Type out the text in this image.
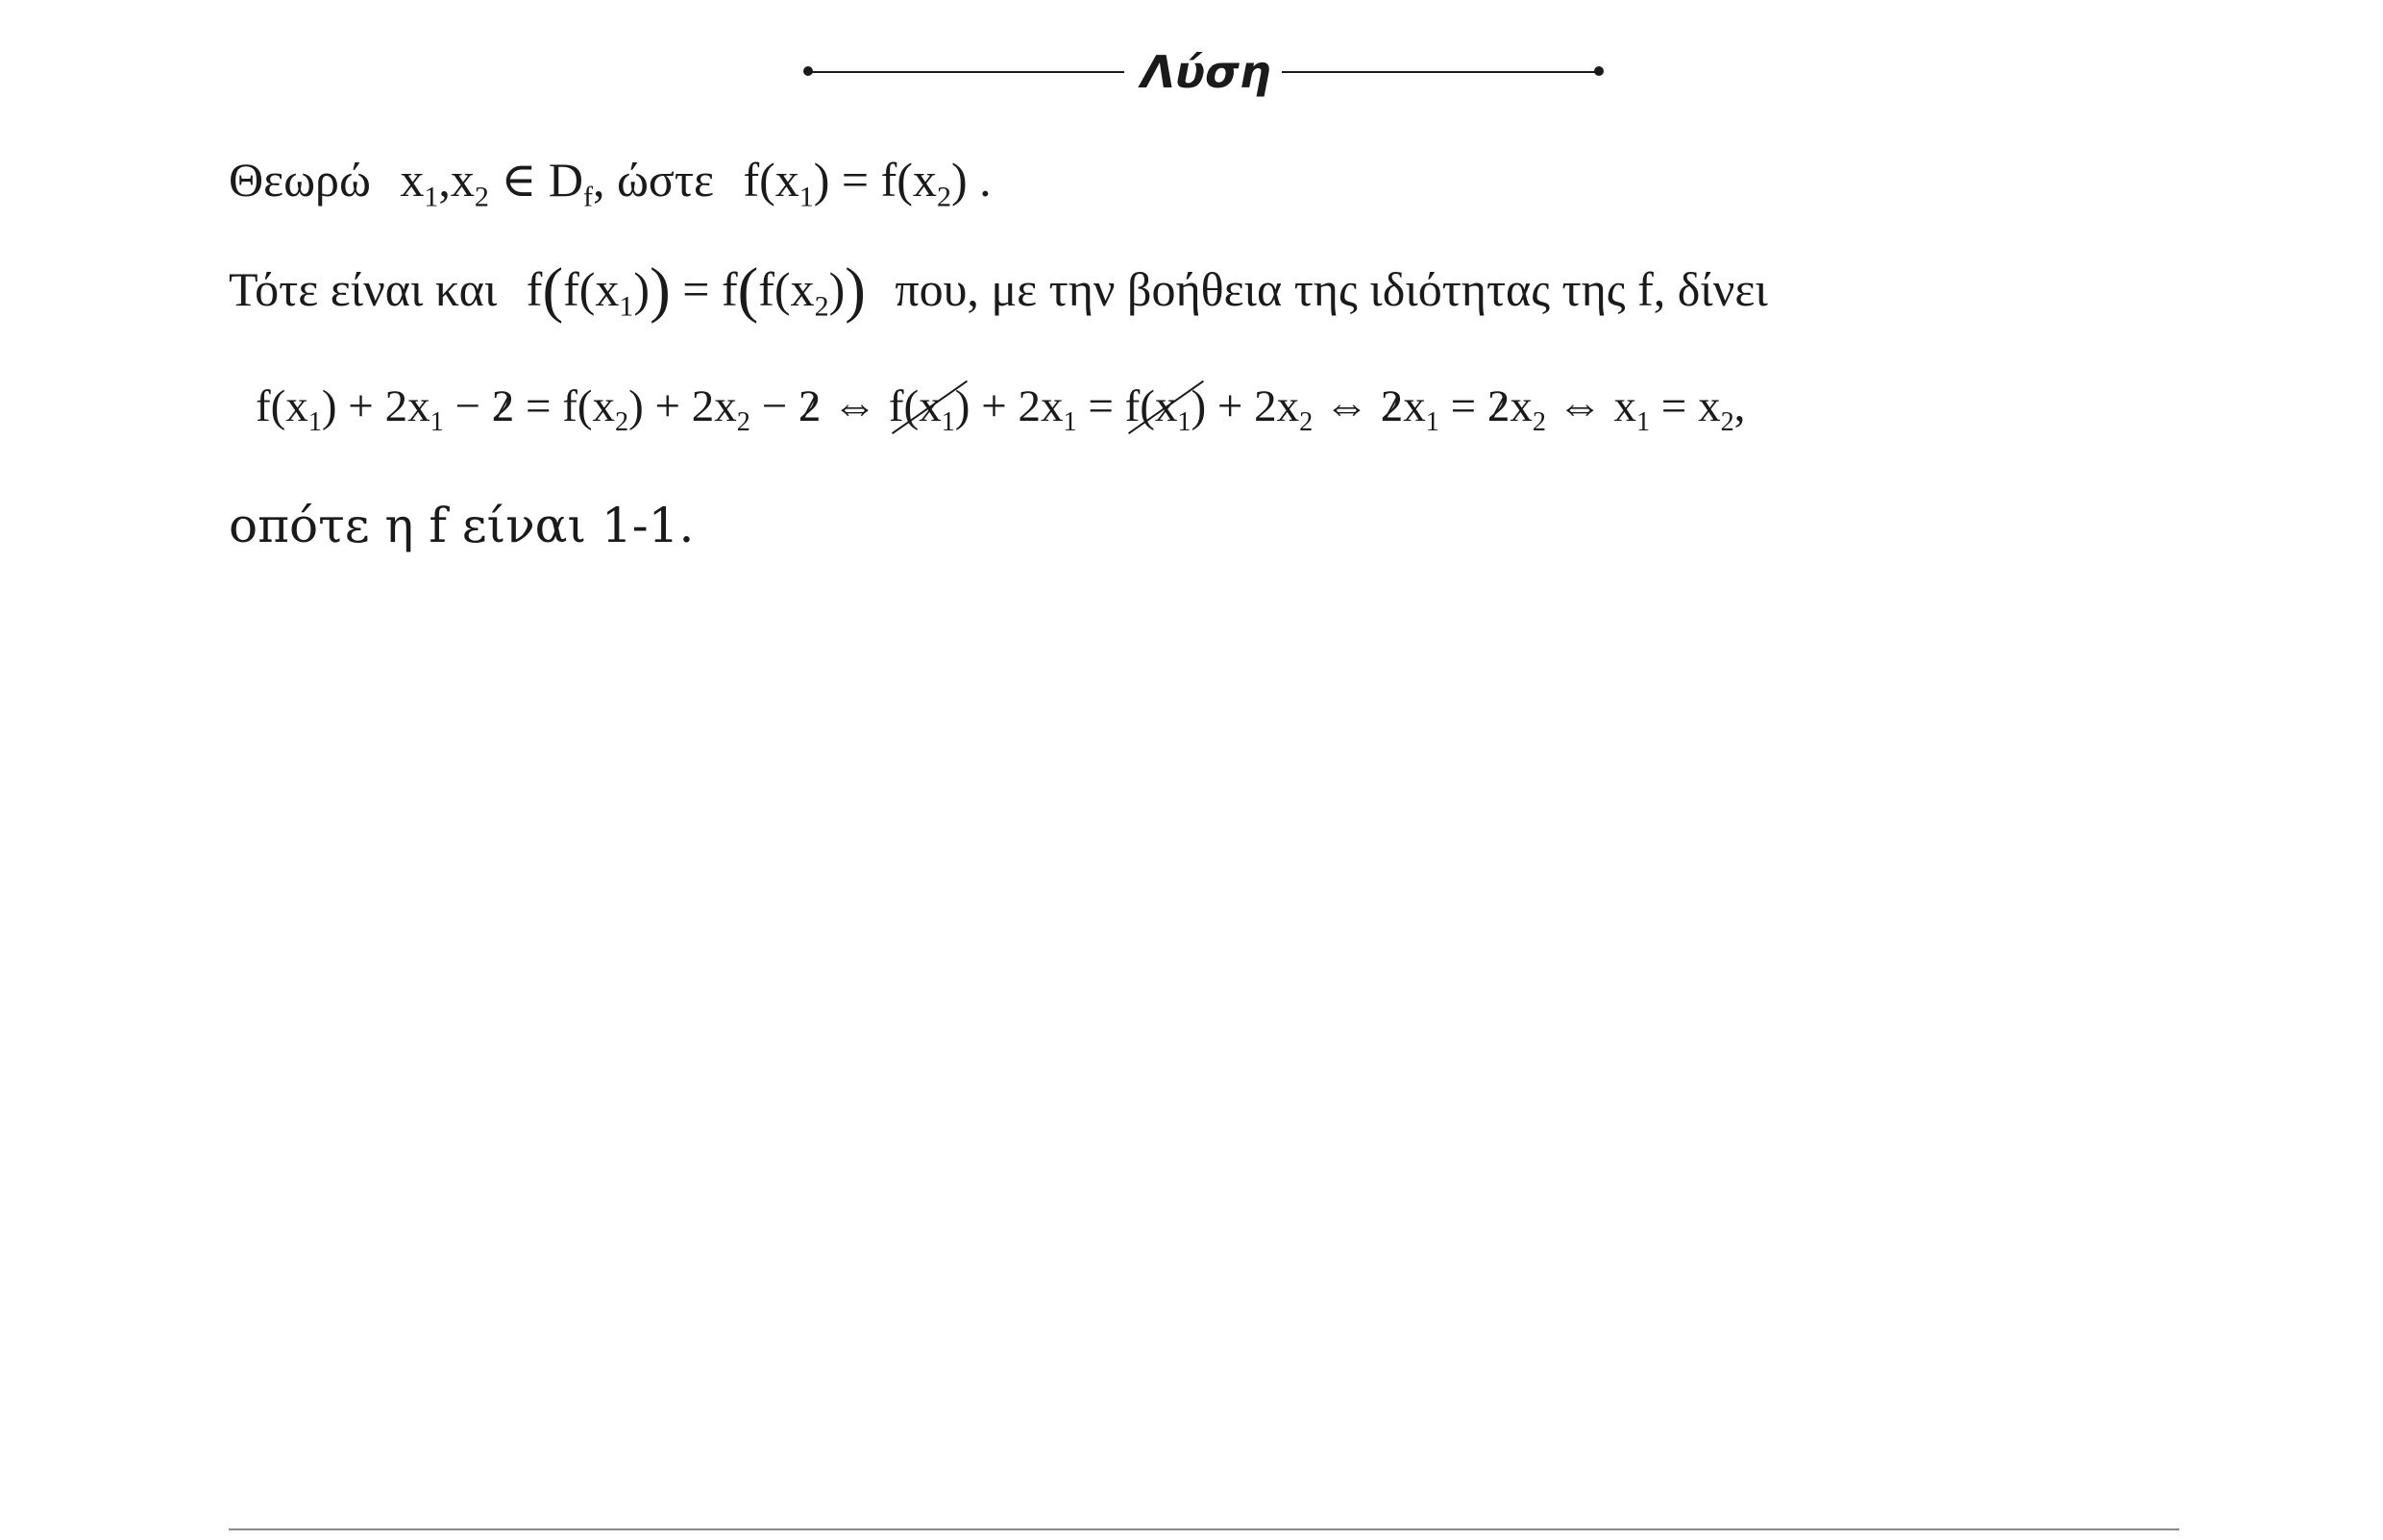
Λύση
Θεωρώ $x_1,x_2$ ∈ $D_f$, ώστε $f(x_1) = f(x_2)$ .
Τότε είναι και $f(f(x_1)) = f(f(x_2))$ που, με την βοήθεια της ιδιότητας της f, δίνει
$f(x_1) + 2x_1 - 2 = f(x_2) + 2x_2 - 2$ ⇔ $f(x_1) + 2x_1 = f(x_1) + 2x_2$ ⇔ $2x_1 = 2x_2$ ⇔ $x_1 = x_2$,
οπότε η f είναι 1-1.
